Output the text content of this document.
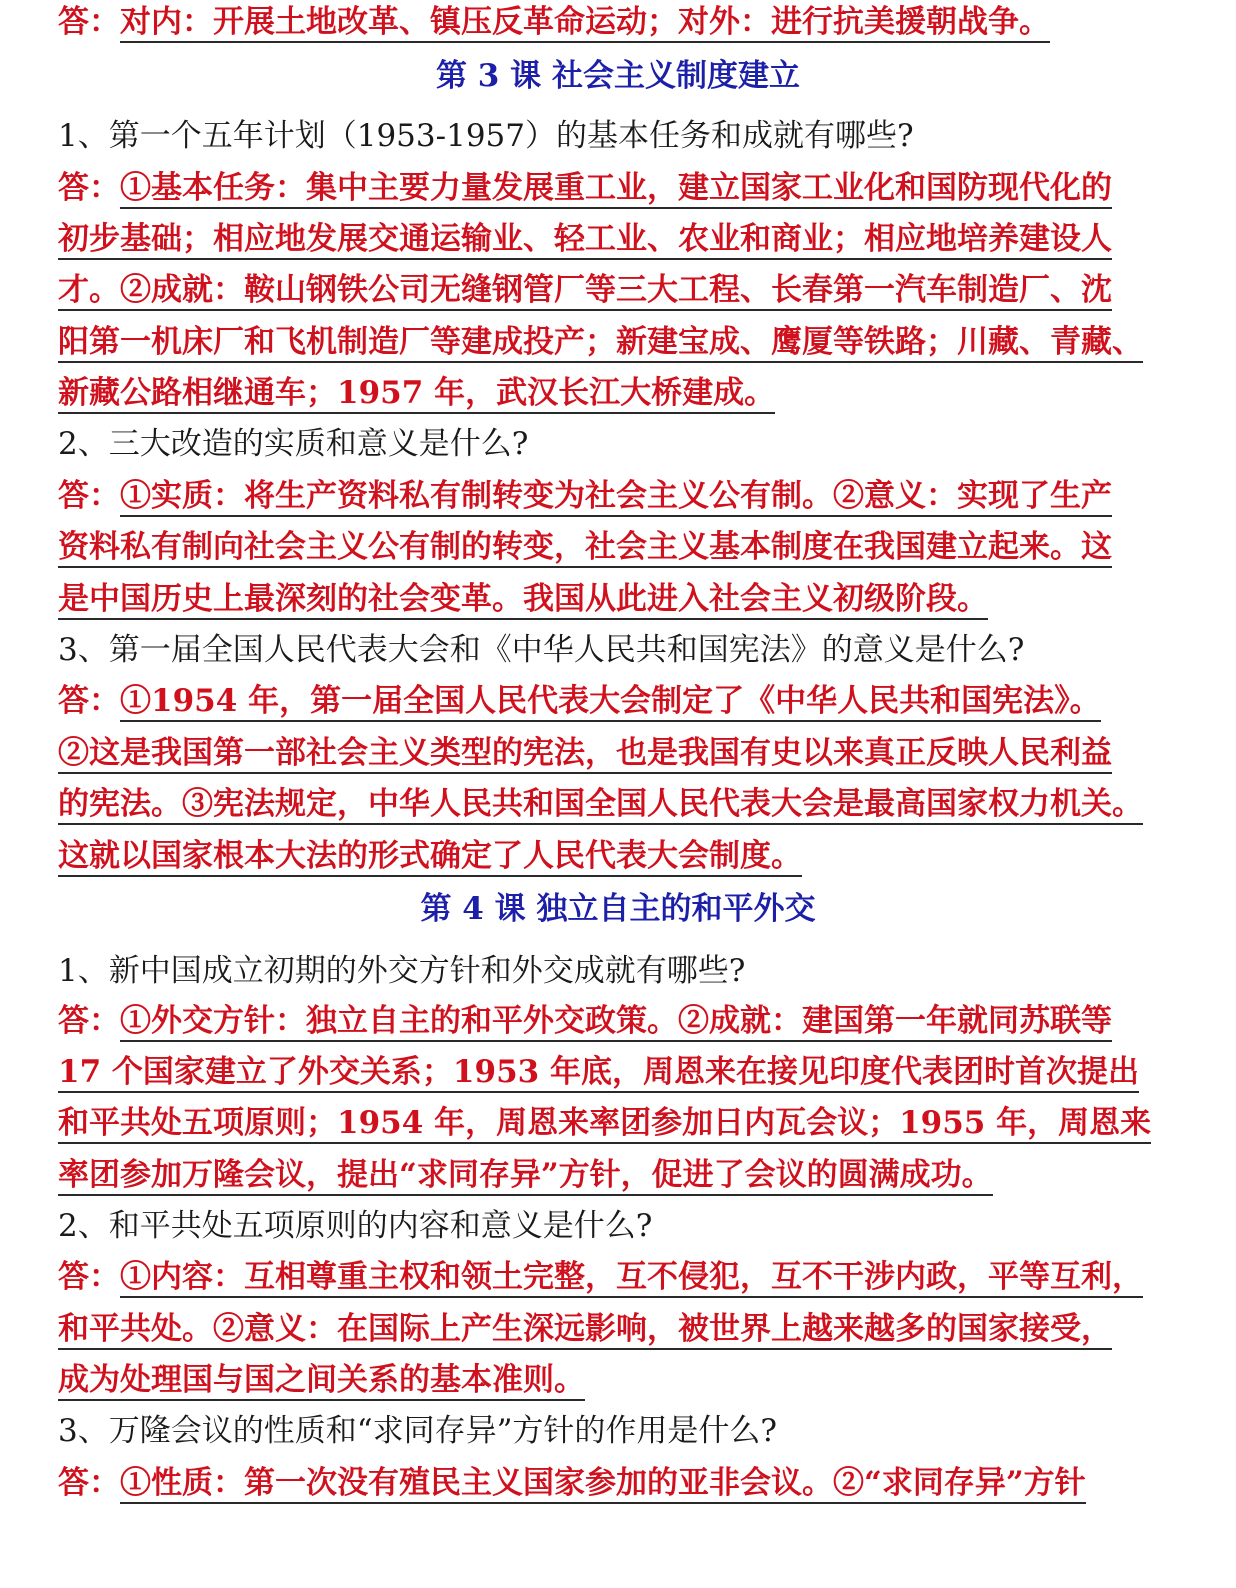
答：对内：开展土地改革、镇压反革命运动；对外：进行抗美援朝战争。
第 3 课 社会主义制度建立
1、第一个五年计划（1953-1957）的基本任务和成就有哪些?
答：①基本任务：集中主要力量发展重工业，建立国家工业化和国防现代化的
初步基础；相应地发展交通运输业、轻工业、农业和商业；相应地培养建设人
才。②成就：鞍山钢铁公司无缝钢管厂等三大工程、长春第一汽车制造厂、沈
阳第一机床厂和飞机制造厂等建成投产；新建宝成、鹰厦等铁路；川藏、青藏、
新藏公路相继通车；1957 年，武汉长江大桥建成。
2、三大改造的实质和意义是什么?
答：①实质：将生产资料私有制转变为社会主义公有制。②意义：实现了生产
资料私有制向社会主义公有制的转变，社会主义基本制度在我国建立起来。这
是中国历史上最深刻的社会变革。我国从此进入社会主义初级阶段。
3、第一届全国人民代表大会和《中华人民共和国宪法》的意义是什么?
答：①1954 年，第一届全国人民代表大会制定了《中华人民共和国宪法》。
②这是我国第一部社会主义类型的宪法，也是我国有史以来真正反映人民利益
的宪法。③宪法规定，中华人民共和国全国人民代表大会是最高国家权力机关。
这就以国家根本大法的形式确定了人民代表大会制度。
第 4 课 独立自主的和平外交
1、新中国成立初期的外交方针和外交成就有哪些?
答：①外交方针：独立自主的和平外交政策。②成就：建国第一年就同苏联等
17 个国家建立了外交关系；1953 年底，周恩来在接见印度代表团时首次提出
和平共处五项原则；1954 年，周恩来率团参加日内瓦会议；1955 年，周恩来
率团参加万隆会议，提出“求同存异”方针，促进了会议的圆满成功。
2、和平共处五项原则的内容和意义是什么?
答：①内容：互相尊重主权和领土完整，互不侵犯，互不干涉内政，平等互利，
和平共处。②意义：在国际上产生深远影响，被世界上越来越多的国家接受，
成为处理国与国之间关系的基本准则。
3、万隆会议的性质和“求同存异”方针的作用是什么?
答：①性质：第一次没有殖民主义国家参加的亚非会议。②“求同存异”方针
